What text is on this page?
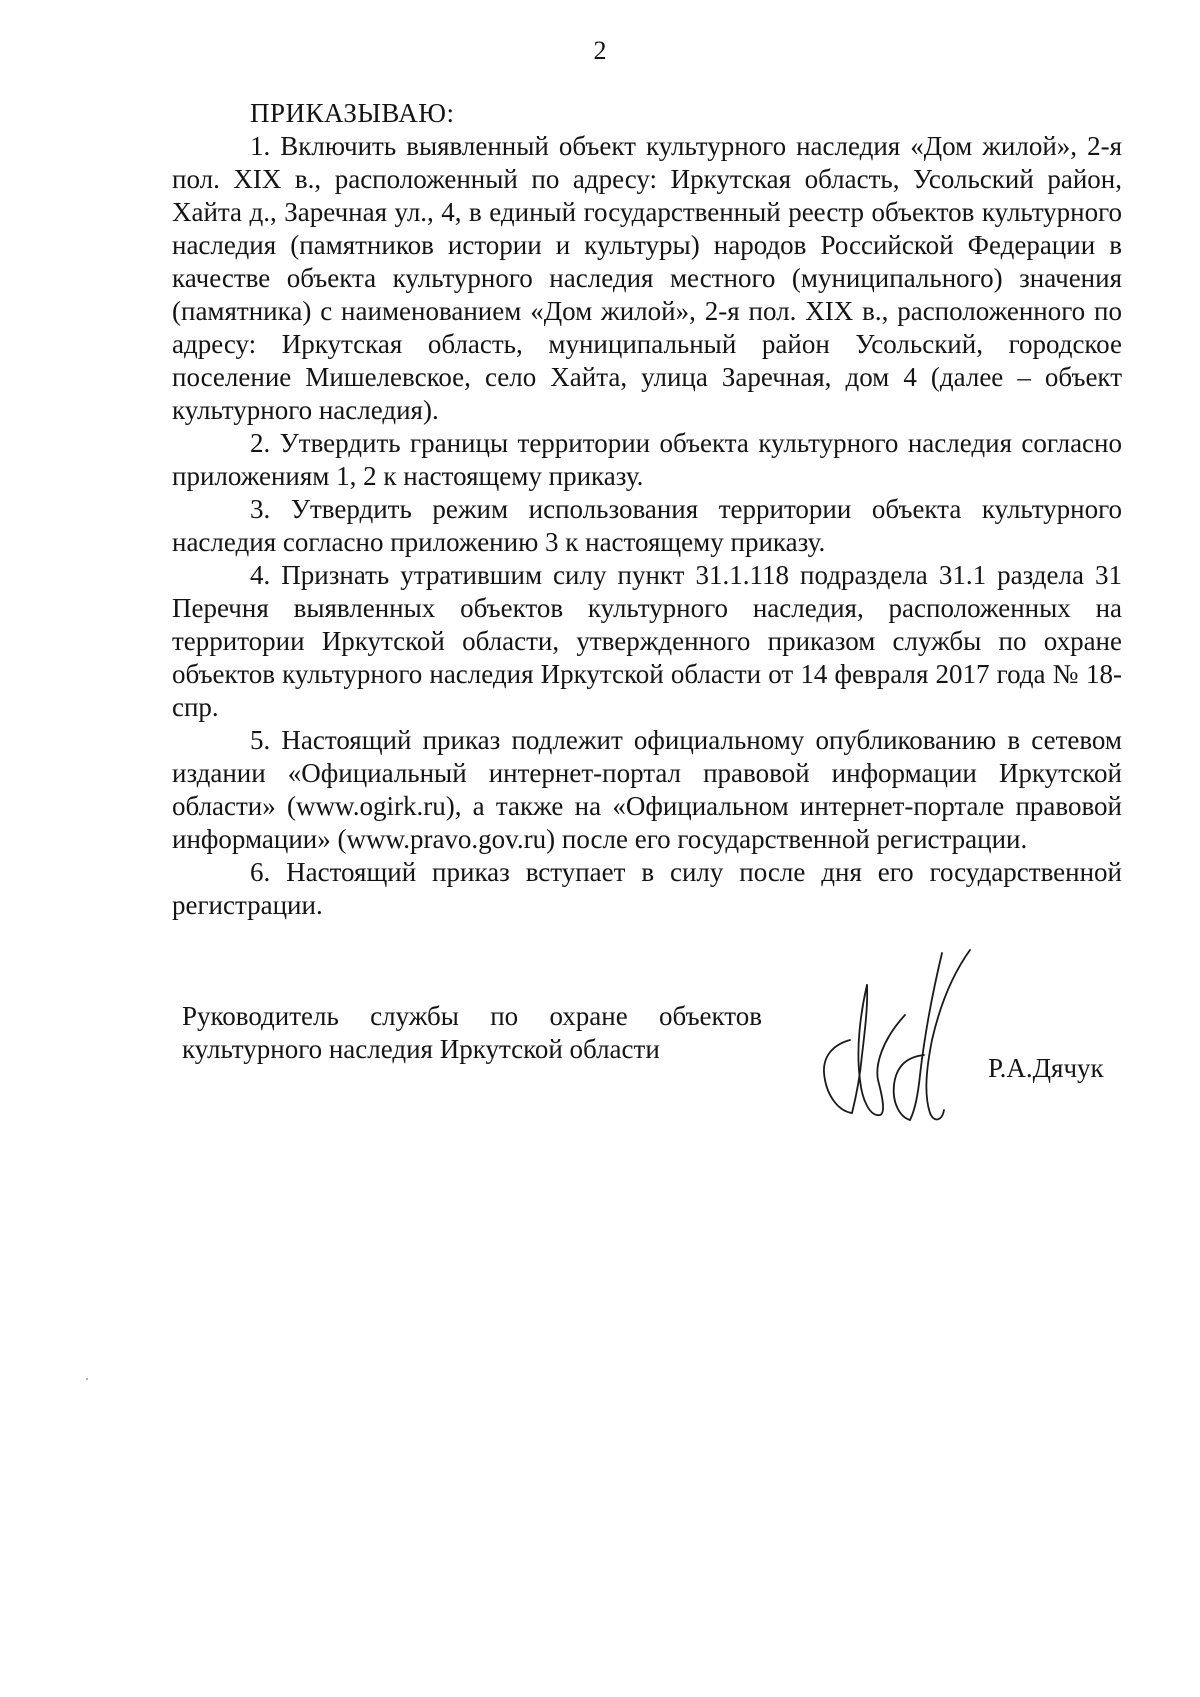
2
ПРИКАЗЫВАЮ:

1. Включить выявленный объект культурного наследия «Дом жилой», 2-я пол. XIX в., расположенный по адресу: Иркутская область, Усольский район, Хайта д., Заречная ул., 4, в единый государственный реестр объектов культурного наследия (памятников истории и культуры) народов Российской Федерации в качестве объекта культурного наследия местного (муниципального) значения (памятника) с наименованием «Дом жилой», 2-я пол. XIX в., расположенного по адресу: Иркутская область, муниципальный район Усольский, городское поселение Мишелевское, село Хайта, улица Заречная, дом 4 (далее – объект культурного наследия).

2. Утвердить границы территории объекта культурного наследия согласно приложениям 1, 2 к настоящему приказу.

3. Утвердить режим использования территории объекта культурного наследия согласно приложению 3 к настоящему приказу.

4. Признать утратившим силу пункт 31.1.118 подраздела 31.1 раздела 31 Перечня выявленных объектов культурного наследия, расположенных на территории Иркутской области, утвержденного приказом службы по охране объектов культурного наследия Иркутской области от 14 февраля 2017 года № 18-спр.

5. Настоящий приказ подлежит официальному опубликованию в сетевом издании «Официальный интернет-портал правовой информации Иркутской области» (www.ogirk.ru), а также на «Официальном интернет-портале правовой информации» (www.pravo.gov.ru) после его государственной регистрации.

6. Настоящий приказ вступает в силу после дня его государственной регистрации.

Руководитель службы по охране объектов
культурного наследия Иркутской области
Р.А.Дячук
